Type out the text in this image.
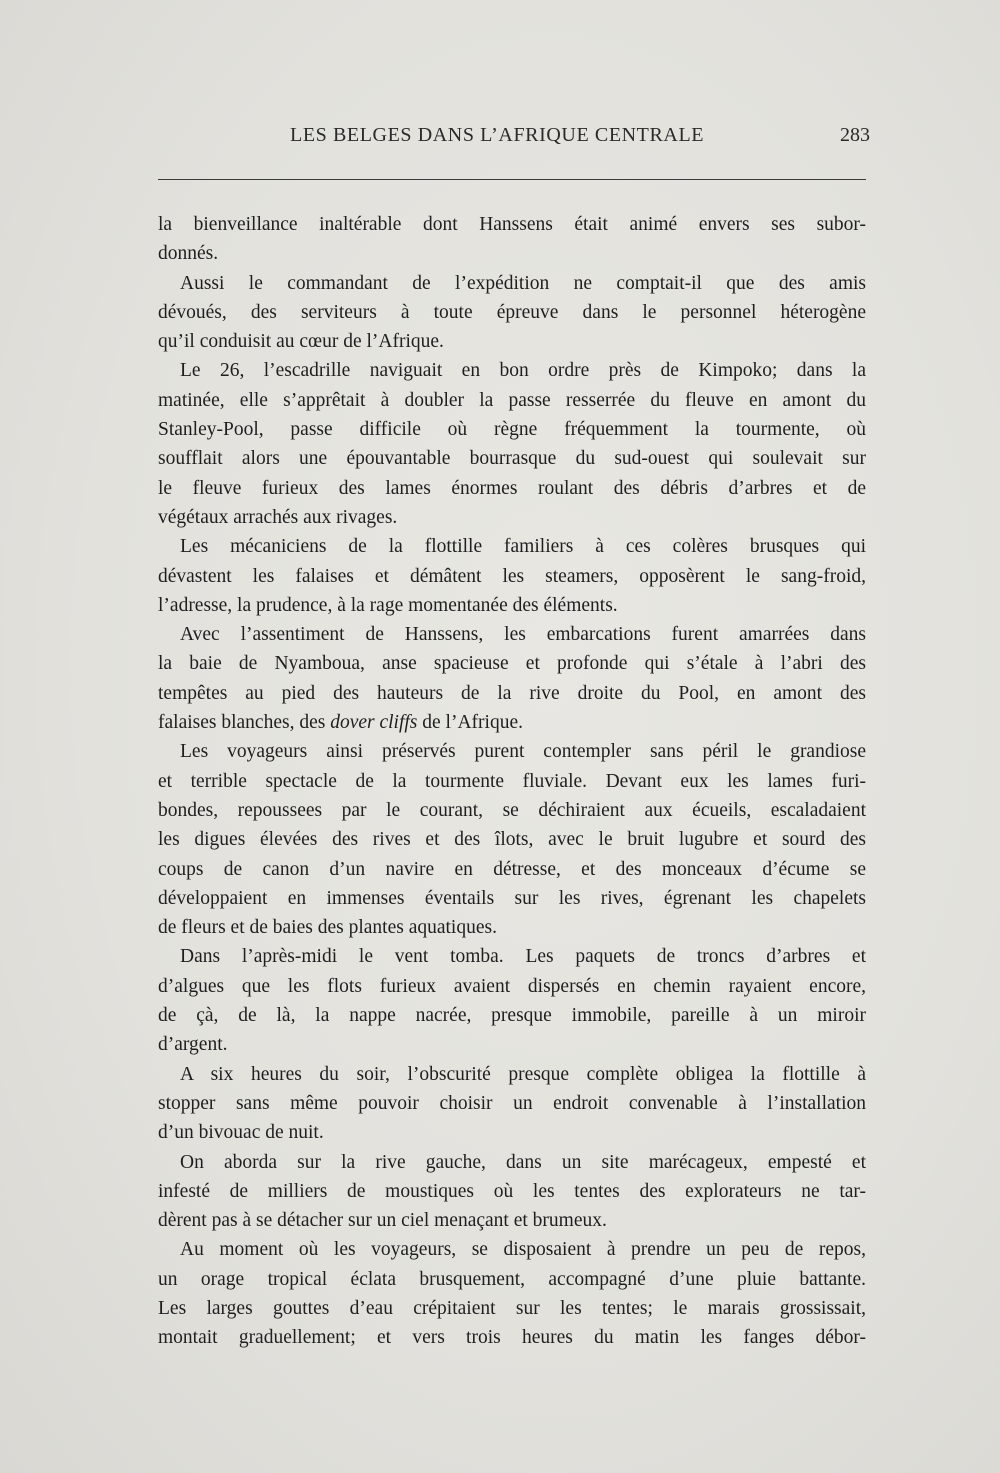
LES BELGES DANS L’AFRIQUE CENTRALE	283
la bienveillance inaltérable dont Hanssens était animé envers ses subor-
donnés.
Aussi le commandant de l’expédition ne comptait-il que des amis
dévoués, des serviteurs à toute épreuve dans le personnel héterogène
qu’il conduisit au cœur de l’Afrique.
Le 26, l’escadrille naviguait en bon ordre près de Kimpoko; dans la
matinée, elle s’apprêtait à doubler la passe resserrée du fleuve en amont du
Stanley-Pool, passe difficile où règne fréquemment la tourmente, où
soufflait alors une épouvantable bourrasque du sud-ouest qui soulevait sur
le fleuve furieux des lames énormes roulant des débris d’arbres et de
végétaux arrachés aux rivages.
Les mécaniciens de la flottille familiers à ces colères brusques qui
dévastent les falaises et démâtent les steamers, opposèrent le sang-froid,
l’adresse, la prudence, à la rage momentanée des éléments.
Avec l’assentiment de Hanssens, les embarcations furent amarrées dans
la baie de Nyamboua, anse spacieuse et profonde qui s’étale à l’abri des
tempêtes au pied des hauteurs de la rive droite du Pool, en amont des
falaises blanches, des dover cliffs de l’Afrique.
Les voyageurs ainsi préservés purent contempler sans péril le grandiose
et terrible spectacle de la tourmente fluviale. Devant eux les lames furi-
bondes, repoussees par le courant, se déchiraient aux écueils, escaladaient
les digues élevées des rives et des îlots, avec le bruit lugubre et sourd des
coups de canon d’un navire en détresse, et des monceaux d’écume se
développaient en immenses éventails sur les rives, égrenant les chapelets
de fleurs et de baies des plantes aquatiques.
Dans l’après-midi le vent tomba. Les paquets de troncs d’arbres et
d’algues que les flots furieux avaient dispersés en chemin rayaient encore,
de çà, de là, la nappe nacrée, presque immobile, pareille à un miroir
d’argent.
A six heures du soir, l’obscurité presque complète obligea la flottille à
stopper sans même pouvoir choisir un endroit convenable à l’installation
d’un bivouac de nuit.
On aborda sur la rive gauche, dans un site marécageux, empesté et
infesté de milliers de moustiques où les tentes des explorateurs ne tar-
dèrent pas à se détacher sur un ciel menaçant et brumeux.
Au moment où les voyageurs, se disposaient à prendre un peu de repos,
un orage tropical éclata brusquement, accompagné d’une pluie battante.
Les larges gouttes d’eau crépitaient sur les tentes; le marais grossissait,
montait graduellement; et vers trois heures du matin les fanges débor-
